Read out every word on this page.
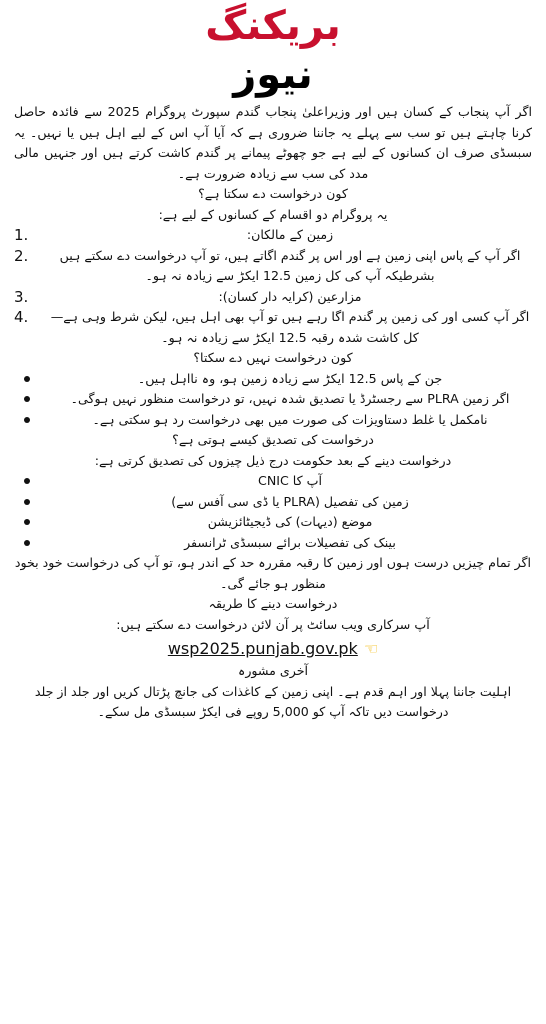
بریکنگ
نیوز

اگر آپ پنجاب کے کسان ہیں اور وزیراعلیٰ پنجاب گندم سپورٹ پروگرام 2025 سے فائدہ حاصل کرنا چاہتے ہیں تو سب سے پہلے یہ جاننا ضروری ہے کہ آیا آپ اس کے لیے اہل ہیں یا نہیں۔ یہ سبسڈی صرف ان کسانوں کے لیے ہے جو چھوٹے پیمانے پر گندم کاشت کرتے ہیں اور جنہیں مالی مدد کی سب سے زیادہ ضرورت ہے۔

کون درخواست دے سکتا ہے؟

یہ پروگرام دو اقسام کے کسانوں کے لیے ہے:

1.	زمین کے مالکان:
2.	اگر آپ کے پاس اپنی زمین ہے اور اس پر گندم اگاتے ہیں، تو آپ درخواست دے سکتے ہیں بشرطیکہ آپ کی کل زمین 12.5 ایکڑ سے زیادہ نہ ہو۔
3.	مزارعین (کرایہ دار کسان):
4. اگر آپ کسی اور کی زمین پر گندم اگا رہے ہیں تو آپ بھی اہل ہیں، لیکن شرط وہی ہے— کل کاشت شدہ رقبہ 12.5 ایکڑ سے زیادہ نہ ہو۔

کون درخواست نہیں دے سکتا؟

جن کے پاس 12.5 ایکڑ سے زیادہ زمین ہو، وہ نااہل ہیں۔
اگر زمین PLRA سے رجسٹرڈ یا تصدیق شدہ نہیں، تو درخواست منظور نہیں ہوگی۔
نامکمل یا غلط دستاویزات کی صورت میں بھی درخواست رد ہو سکتی ہے۔

درخواست کی تصدیق کیسے ہوتی ہے؟

درخواست دینے کے بعد حکومت درج ذیل چیزوں کی تصدیق کرتی ہے:

آپ کا CNIC
زمین کی تفصیل (PLRA یا ڈی سی آفس سے)
موضع (دیہات) کی ڈیجیٹائزیشن
بینک کی تفصیلات برائے سبسڈی ٹرانسفر

اگر تمام چیزیں درست ہوں اور زمین کا رقبہ مقررہ حد کے اندر ہو، تو آپ کی درخواست خود بخود منظور ہو جائے گی۔

درخواست دینے کا طریقہ

آپ سرکاری ویب سائٹ پر آن لائن درخواست دے سکتے ہیں:

wsp2025.punjab.gov.pk ☜

آخری مشورہ

اہلیت جاننا پہلا اور اہم قدم ہے۔ اپنی زمین کے کاغذات کی جانچ پڑتال کریں اور جلد از جلد درخواست دیں تاکہ آپ کو 5,000 روپے فی ایکڑ سبسڈی مل سکے۔
